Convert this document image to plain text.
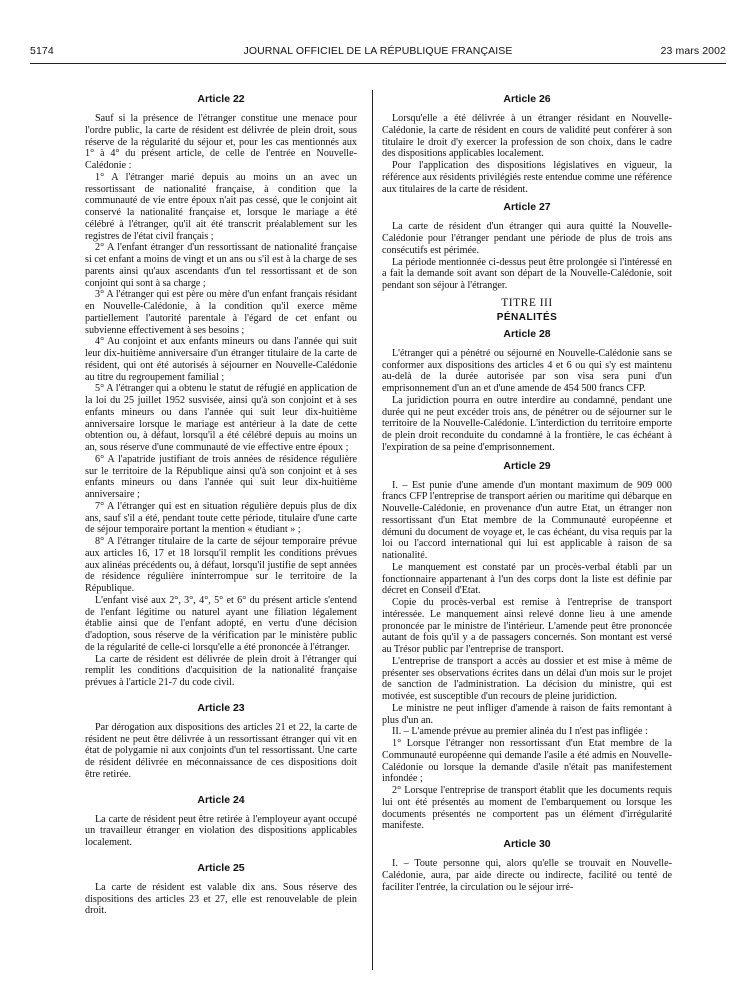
5174	JOURNAL OFFICIEL DE LA RÉPUBLIQUE FRANÇAISE	23 mars 2002
Article 22

Sauf si la présence de l'étranger constitue une menace pour l'ordre public, la carte de résident est délivrée de plein droit, sous réserve de la régularité du séjour et, pour les cas mentionnés aux 1° à 4° du présent article, de celle de l'entrée en Nouvelle-Calédonie :

1° A l'étranger marié depuis au moins un an avec un ressortissant de nationalité française, à condition que la communauté de vie entre époux n'ait pas cessé, que le conjoint ait conservé la nationalité française et, lorsque le mariage a été célébré à l'étranger, qu'il ait été transcrit préalablement sur les registres de l'état civil français ;

2° A l'enfant étranger d'un ressortissant de nationalité française si cet enfant a moins de vingt et un ans ou s'il est à la charge de ses parents ainsi qu'aux ascendants d'un tel ressortissant et de son conjoint qui sont à sa charge ;

3° A l'étranger qui est père ou mère d'un enfant français résidant en Nouvelle-Calédonie, à la condition qu'il exerce même partiellement l'autorité parentale à l'égard de cet enfant ou subvienne effectivement à ses besoins ;

4° Au conjoint et aux enfants mineurs ou dans l'année qui suit leur dix-huitième anniversaire d'un étranger titulaire de la carte de résident, qui ont été autorisés à séjourner en Nouvelle-Calédonie au titre du regroupement familial ;

5° A l'étranger qui a obtenu le statut de réfugié en application de la loi du 25 juillet 1952 susvisée, ainsi qu'à son conjoint et à ses enfants mineurs ou dans l'année qui suit leur dix-huitième anniversaire lorsque le mariage est antérieur à la date de cette obtention ou, à défaut, lorsqu'il a été célébré depuis au moins un an, sous réserve d'une communauté de vie effective entre époux ;

6° A l'apatride justifiant de trois années de résidence régulière sur le territoire de la République ainsi qu'à son conjoint et à ses enfants mineurs ou dans l'année qui suit leur dix-huitième anniversaire ;

7° A l'étranger qui est en situation régulière depuis plus de dix ans, sauf s'il a été, pendant toute cette période, titulaire d'une carte de séjour temporaire portant la mention « étudiant » ;

8° A l'étranger titulaire de la carte de séjour temporaire prévue aux articles 16, 17 et 18 lorsqu'il remplit les conditions prévues aux alinéas précédents ou, à défaut, lorsqu'il justifie de sept années de résidence régulière ininterrompue sur le territoire de la République.

L'enfant visé aux 2°, 3°, 4°, 5° et 6° du présent article s'entend de l'enfant légitime ou naturel ayant une filiation légalement établie ainsi que de l'enfant adopté, en vertu d'une décision d'adoption, sous réserve de la vérification par le ministère public de la régularité de celle-ci lorsqu'elle a été prononcée à l'étranger.

La carte de résident est délivrée de plein droit à l'étranger qui remplit les conditions d'acquisition de la nationalité française prévues à l'article 21-7 du code civil.

Article 23

Par dérogation aux dispositions des articles 21 et 22, la carte de résident ne peut être délivrée à un ressortissant étranger qui vit en état de polygamie ni aux conjoints d'un tel ressortissant. Une carte de résident délivrée en méconnaissance de ces dispositions doit être retirée.

Article 24

La carte de résident peut être retirée à l'employeur ayant occupé un travailleur étranger en violation des dispositions applicables localement.

Article 25

La carte de résident est valable dix ans. Sous réserve des dispositions des articles 23 et 27, elle est renouvelable de plein droit.

Article 26

Lorsqu'elle a été délivrée à un étranger résidant en Nouvelle-Calédonie, la carte de résident en cours de validité peut conférer à son titulaire le droit d'y exercer la profession de son choix, dans le cadre des dispositions applicables localement.

Pour l'application des dispositions législatives en vigueur, la référence aux résidents privilégiés reste entendue comme une référence aux titulaires de la carte de résident.

Article 27

La carte de résident d'un étranger qui aura quitté la Nouvelle-Calédonie pour l'étranger pendant une période de plus de trois ans consécutifs est périmée.

La période mentionnée ci-dessus peut être prolongée si l'intéressé en a fait la demande soit avant son départ de la Nouvelle-Calédonie, soit pendant son séjour à l'étranger.

TITRE III
PÉNALITÉS
Article 28

L'étranger qui a pénétré ou séjourné en Nouvelle-Calédonie sans se conformer aux dispositions des articles 4 et 6 ou qui s'y est maintenu au-delà de la durée autorisée par son visa sera puni d'un emprisonnement d'un an et d'une amende de 454 500 francs CFP.

La juridiction pourra en outre interdire au condamné, pendant une durée qui ne peut excéder trois ans, de pénétrer ou de séjourner sur le territoire de la Nouvelle-Calédonie. L'interdiction du territoire emporte de plein droit reconduite du condamné à la frontière, le cas échéant à l'expiration de sa peine d'emprisonnement.

Article 29

I. – Est punie d'une amende d'un montant maximum de 909 000 francs CFP l'entreprise de transport aérien ou maritime qui débarque en Nouvelle-Calédonie, en provenance d'un autre Etat, un étranger non ressortissant d'un Etat membre de la Communauté européenne et démuni du document de voyage et, le cas échéant, du visa requis par la loi ou l'accord international qui lui est applicable à raison de sa nationalité.

Le manquement est constaté par un procès-verbal établi par un fonctionnaire appartenant à l'un des corps dont la liste est définie par décret en Conseil d'Etat.

Copie du procès-verbal est remise à l'entreprise de transport intéressée. Le manquement ainsi relevé donne lieu à une amende prononcée par le ministre de l'intérieur. L'amende peut être prononcée autant de fois qu'il y a de passagers concernés. Son montant est versé au Trésor public par l'entreprise de transport.

L'entreprise de transport a accès au dossier et est mise à même de présenter ses observations écrites dans un délai d'un mois sur le projet de sanction de l'administration. La décision du ministre, qui est motivée, est susceptible d'un recours de pleine juridiction.

Le ministre ne peut infliger d'amende à raison de faits remontant à plus d'un an.

II. – L'amende prévue au premier alinéa du I n'est pas infligée :

1° Lorsque l'étranger non ressortissant d'un Etat membre de la Communauté européenne qui demande l'asile a été admis en Nouvelle-Calédonie ou lorsque la demande d'asile n'était pas manifestement infondée ;

2° Lorsque l'entreprise de transport établit que les documents requis lui ont été présentés au moment de l'embarquement ou lorsque les documents présentés ne comportent pas un élément d'irrégularité manifeste.

Article 30

I. – Toute personne qui, alors qu'elle se trouvait en Nouvelle-Calédonie, aura, par aide directe ou indirecte, facilité ou tenté de faciliter l'entrée, la circulation ou le séjour irré-
